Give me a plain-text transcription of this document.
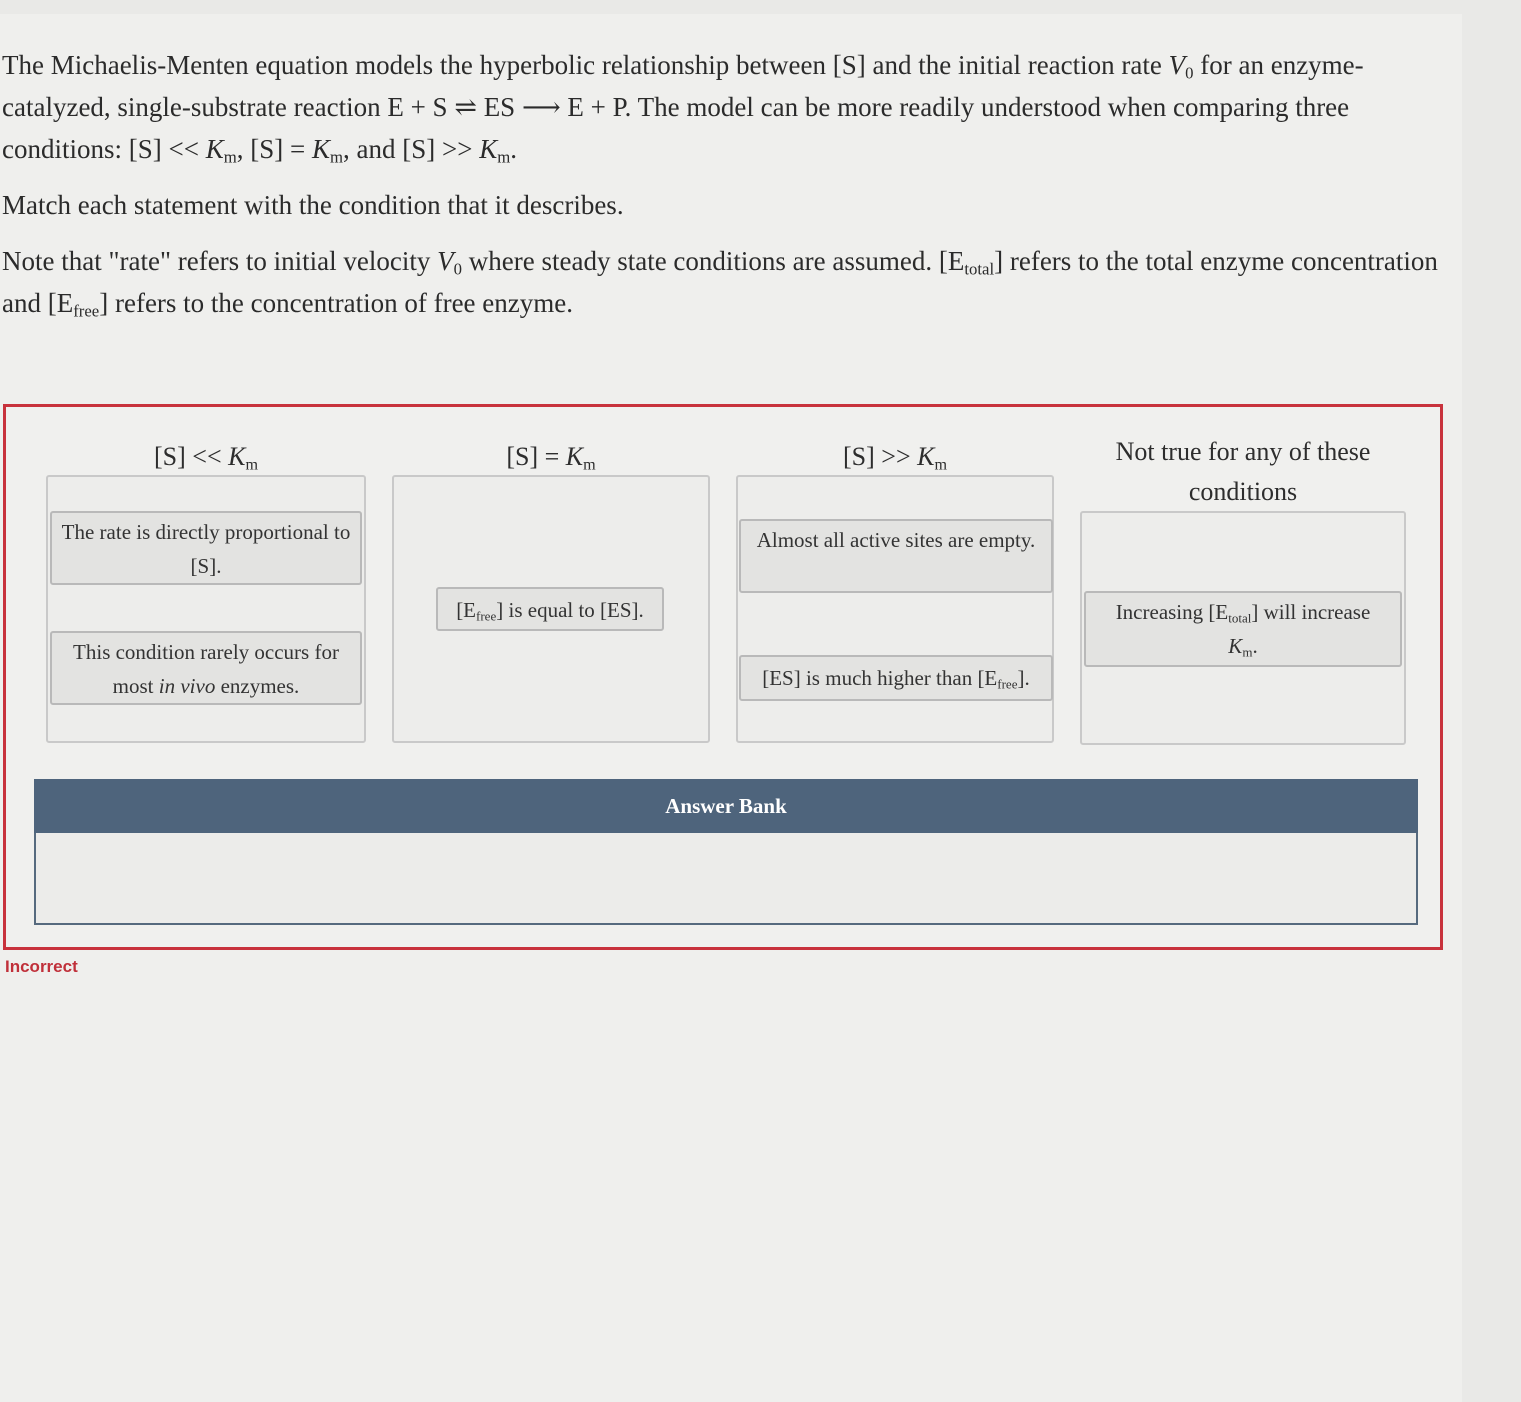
The Michaelis-Menten equation models the hyperbolic relationship between [S] and the initial reaction rate $V_0$ for an enzyme-catalyzed, single-substrate reaction E + S ⇌ ES ⟶ E + P. The model can be more readily understood when comparing three conditions: $[S] << K_m$, $[S] = K_m$, and $[S] >> K_m$.

Match each statement with the condition that it describes.
Note that "rate" refers to initial velocity $V_0$ where steady state conditions are assumed. $[E_{total}]$ refers to the total enzyme concentration and $[E_{free}]$ refers to the concentration of free enzyme.
$[S] << K_m$	$[S] = K_m$	$[S] >> K_m$	Not true for any of these conditions
The rate is directly proportional to [S].
This condition rarely occurs for most in vivo enzymes.
$[E_{free}]$ is equal to [ES].
Almost all active sites are empty.
[ES] is much higher than $[E_{free}]$.
Increasing $[E_{total}]$ will increase
$K_m$.
Answer Bank
Incorrect
